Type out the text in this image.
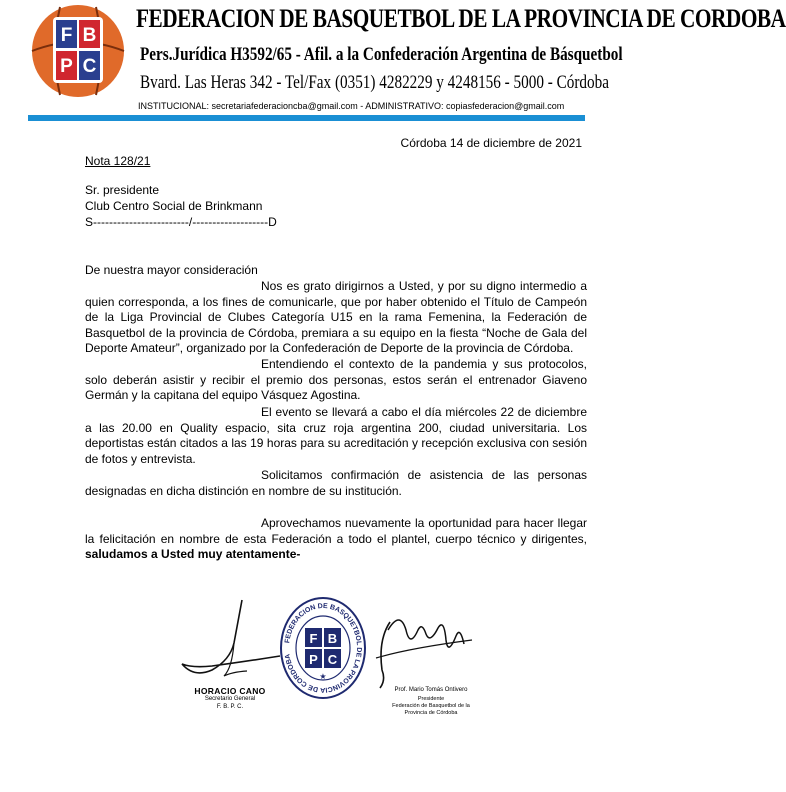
F B
P C
FEDERACION DE BASQUETBOL DE LA PROVINCIA DE CORDOBA
Pers.Jurídica H3592/65 - Afil. a la Confederación Argentina de Básquetbol
Bvard. Las Heras 342 - Tel/Fax (0351) 4282229 y 4248156 - 5000 - Córdoba
INSTITUCIONAL: secretariafederacioncba@gmail.com - ADMINISTRATIVO: copiasfederacion@gmail.com
Córdoba 14 de diciembre de 2021
Nota 128/21
Sr. presidente
Club Centro Social de Brinkmann
S------------------------/-------------------D
De nuestra mayor consideración
Nos es grato dirigirnos a Usted, y por su digno intermedio a quien corresponda, a los fines de comunicarle, que por haber obtenido el Título de Campeón de la Liga Provincial de Clubes Categoría U15 en la rama Femenina, la Federación de Basquetbol de la provincia de Córdoba, premiara a su equipo en la fiesta “Noche de Gala del Deporte Amateur”, organizado por la Confederación de Deporte de la provincia de Córdoba.
Entendiendo el contexto de la pandemia y sus protocolos, solo deberán asistir y recibir el premio dos personas, estos serán el entrenador Giaveno Germán y la capitana del equipo Vásquez Agostina.
El evento se llevará a cabo el día miércoles 22 de diciembre a las 20.00 en Quality espacio, sita cruz roja argentina 200, ciudad universitaria. Los deportistas están citados a las 19 horas para su acreditación y recepción exclusiva con sesión de fotos y entrevista.
Solicitamos confirmación de asistencia de las personas designadas en dicha distinción en nombre de su institución.
Aprovechamos nuevamente la oportunidad para hacer llegar la felicitación en nombre de esta Federación a todo el plantel, cuerpo técnico y dirigentes, saludamos a Usted muy atentamente-
HORACIO CANO
Secretario General
F. B. P. C.
FEDERACION DE BASQUETBOL DE LA PROVINCIA DE CORDOBA
F B
P C
★
Prof. Mario Tomás Ontivero
Presidente
Federación de Basquetbol de la
Provincia de Córdoba
